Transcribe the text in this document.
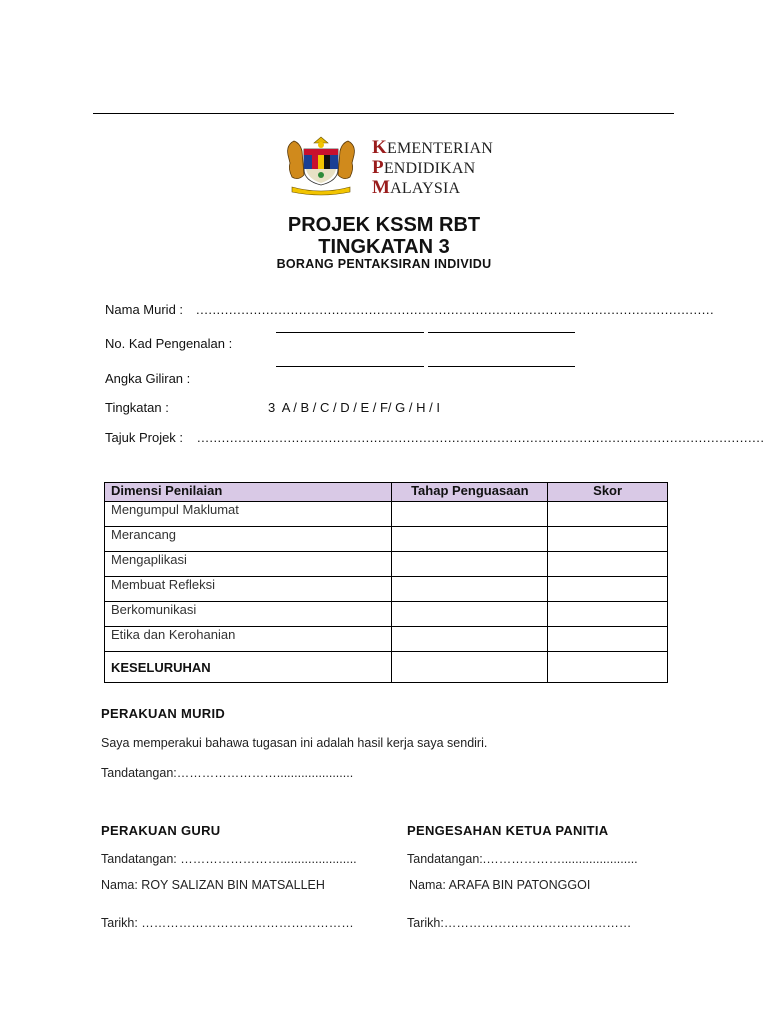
KEMENTERIAN
PENDIDIKAN
MALAYSIA
PROJEK KSSM RBT
TINGKATAN 3
BORANG PENTAKSIRAN INDIVIDU
Nama Murid : ..............................................................................................................................
No. Kad Pengenalan :
Angka Giliran :
Tingkatan :	3  A / B / C / D / E / F/ G / H / I
Tajuk Projek : ..........................................................................................................................................
Dimensi Penilaian	Tahap Penguasaan	Skor
Mengumpul Maklumat		
Merancang		
Mengaplikasi		
Membuat Refleksi		
Berkomunikasi		
Etika dan Kerohanian		
KESELURUHAN		
PERAKUAN MURID
Saya memperakui bahawa tugasan ini adalah hasil kerja saya sendiri.
Tandatangan:……………………......................
PERAKUAN GURU
Tandatangan: ……………………......................
Nama: ROY SALIZAN BIN MATSALLEH
Tarikh: ……………………………………………
PENGESAHAN KETUA PANITIA
Tandatangan:.………………......................
Nama: ARAFA BIN PATONGGOI
Tarikh:………………………………………
